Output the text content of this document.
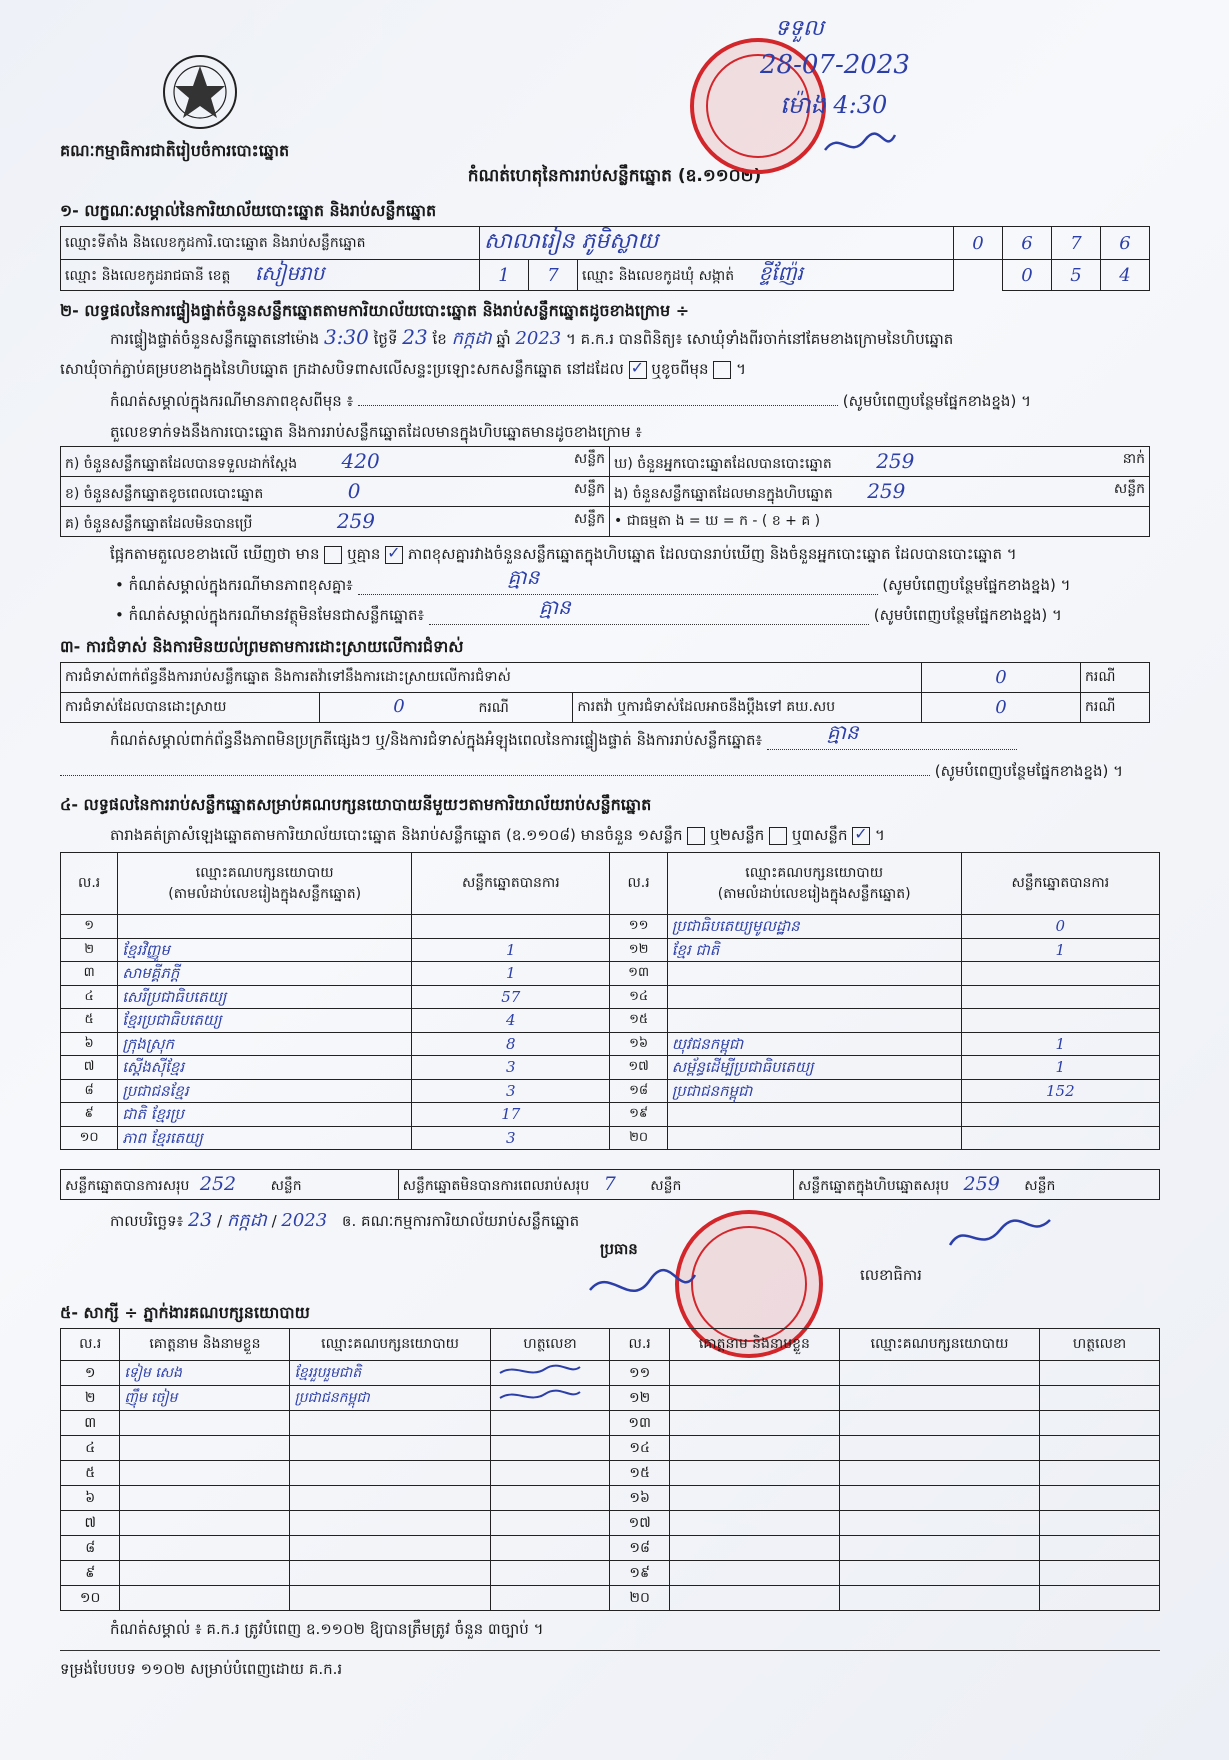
គណៈកម្មាធិការជាតិរៀបចំការបោះឆ្នោត
កំណត់ហេតុនៃការរាប់សន្លឹកឆ្នោត (ឧ.១១០២)
ទទួល
28-07-2023
ម៉ោង 4:30
១- លក្ខណៈសម្គាល់នៃការិយាល័យបោះឆ្នោត និងរាប់សន្លឹកឆ្នោត
ឈ្មោះទីតាំង និងលេខកូដការិ.បោះឆ្នោត និងរាប់សន្លឹកឆ្នោត	សាលារៀន ភូមិស្លាយ			0	6	7	6
ឈ្មោះ និងលេខកូដរាជធានី ខេត្ត សៀមរាប	1	7	ឈ្មោះ និងលេខកូដឃុំ សង្កាត់ ខ្ទីញ៉ែរ		0	5	4
២- លទ្ធផលនៃការផ្ទៀងផ្ទាត់ចំនួនសន្លឹកឆ្នោតតាមការិយាល័យបោះឆ្នោត និងរាប់សន្លឹកឆ្នោតដូចខាងក្រោម ÷
ការផ្ទៀងផ្ទាត់ចំនួនសន្លឹកឆ្នោតនៅម៉ោង 3:30 ថ្ងៃទី 23 ខែ កក្កដា ឆ្នាំ 2023 ។ គ.ក.រ បានពិនិត្យ៖ សោឃុំទាំងពីរចាក់នៅគែមខាងក្រោមនៃហិបឆ្នោត
សោឃុំចាក់ភ្ជាប់គម្របខាងក្នុងនៃហិបឆ្នោត ក្រដាសបិទពាសលើសន្ទះប្រឡោះសកសន្លឹកឆ្នោត នៅដដែល ✓ ឬខូចពីមុន  ។
កំណត់សម្គាល់ក្នុងករណីមានភាពខុសពីមុន ៖	(សូមបំពេញបន្ថែមផ្នែកខាងខ្នង) ។
តួលេខទាក់ទងនឹងការបោះឆ្នោត និងការរាប់សន្លឹកឆ្នោតដែលមានក្នុងហិបឆ្នោតមានដូចខាងក្រោម ៖
ក) ចំនួនសន្លឹកឆ្នោតដែលបានទទួលដាក់ស្តែង 420 សន្លឹក	ឃ) ចំនួនអ្នកបោះឆ្នោតដែលបានបោះឆ្នោត 259 នាក់

ខ) ចំនួនសន្លឹកឆ្នោតខូចពេលបោះឆ្នោត 0 សន្លឹក	ង) ចំនួនសន្លឹកឆ្នោតដែលមានក្នុងហិបឆ្នោត 259 សន្លឹក

គ) ចំនួនសន្លឹកឆ្នោតដែលមិនបានប្រើ 259 សន្លឹក	• ជាធម្មតា ង = ឃ = ក - ( ខ + គ )
ផ្អែកតាមតួលេខខាងលើ ឃើញថា មាន ឬគ្មាន ✓ ភាពខុសគ្នារវាងចំនួនសន្លឹកឆ្នោតក្នុងហិបឆ្នោត ដែលបានរាប់ឃើញ និងចំនួនអ្នកបោះឆ្នោត ដែលបានបោះឆ្នោត ។
• កំណត់សម្គាល់ក្នុងករណីមានភាពខុសគ្នា៖	គ្មាន	(សូមបំពេញបន្ថែមផ្នែកខាងខ្នង) ។
• កំណត់សម្គាល់ក្នុងករណីមានវត្ថុមិនមែនជាសន្លឹកឆ្នោត៖	គ្មាន	(សូមបំពេញបន្ថែមផ្នែកខាងខ្នង) ។
៣- ការជំទាស់ និងការមិនយល់ព្រមតាមការដោះស្រាយលើការជំទាស់
ការជំទាស់ពាក់ព័ន្ធនឹងការរាប់សន្លឹកឆ្នោត និងការតវ៉ាទៅនឹងការដោះស្រាយលើការជំទាស់			0	ករណី
ការជំទាស់ដែលបានដោះស្រាយ	0 ករណី	ការតវ៉ា ឬការជំទាស់ដែលអាចនឹងប្តឹងទៅ គឃ.សប	0	ករណី
កំណត់សម្គាល់ពាក់ព័ន្ធនឹងភាពមិនប្រក្រតីផ្សេងៗ ឬ/និងការជំទាស់ក្នុងអំឡុងពេលនៃការផ្ទៀងផ្ទាត់ និងការរាប់សន្លឹកឆ្នោត៖	គ្មាន

(សូមបំពេញបន្ថែមផ្នែកខាងខ្នង) ។
៤- លទ្ធផលនៃការរាប់សន្លឹកឆ្នោតសម្រាប់គណបក្សនយោបាយនីមួយៗតាមការិយាល័យរាប់សន្លឹកឆ្នោត
តារាងគត់ត្រាសំឡេងឆ្នោតតាមការិយាល័យបោះឆ្នោត និងរាប់សន្លឹកឆ្នោត (ឧ.១១០៨) មានចំនួន ១សន្លឹក ឬ២សន្លឹក ឬ៣សន្លឹក ✓ ។
ល.រ	ឈ្មោះគណបក្សនយោបាយ
(តាមលំដាប់លេខរៀងក្នុងសន្លឹកឆ្នោត)	សន្លឹកឆ្នោតបានការ	ល.រ	ឈ្មោះគណបក្សនយោបាយ
(តាមលំដាប់លេខរៀងក្នុងសន្លឹកឆ្នោត)	សន្លឹកឆ្នោតបានការ
១			១១	ប្រជាធិបតេយ្យមូលដ្ឋាន	0
២	ខ្មែរវិញ្ញូម	1	១២	ខ្មែរ ជាតិ	1
៣	សាមគ្គីភក្ដី	1	១៣		
៤	សេរីប្រជាធិបតេយ្យ	57	១៤		
៥	ខ្មែរប្រជាធិបតេយ្យ	4	១៥		
៦	ក្រុងស្រុក	8	១៦	យុវជនកម្ពុជា	1
៧	ស្ដើងស៊ីខ្មែរ	3	១៧	សម្ព័ន្ធដើម្បីប្រជាធិបតេយ្យ	1
៨	ប្រជាជនខ្មែរ	3	១៨	ប្រជាជនកម្ពុជា	152
៩	ជាតិ ខ្មែរប្រ	17	១៩		
១០	ភាព ខ្មែរតេយ្យ	3	២០		
សន្លឹកឆ្នោតបានការសរុប 252 សន្លឹក	សន្លឹកឆ្នោតមិនបានការពេលរាប់សរុប 7 សន្លឹក	សន្លឹកឆ្នោតក្នុងហិបឆ្នោតសរុប 259 សន្លឹក
កាលបរិច្ឆេទ៖ 23 / កក្កដា / 2023 ឲ. គណៈកម្មការការិយាល័យរាប់សន្លឹកឆ្នោត
ប្រធាន
លេខាធិការ
៥- សាក្សី ÷ ភ្នាក់ងារគណបក្សនយោបាយ
ល.រ	គោត្តនាម និងនាមខ្លួន	ឈ្មោះគណបក្សនយោបាយ	ហត្ថលេខា	ល.រ	គោត្តនាម និងនាមខ្លួន	ឈ្មោះគណបក្សនយោបាយ	ហត្ថលេខា
១	ទៀម សេង	ខ្មែររួបរួមជាតិ		១១			
២	ញ៉ឹម ចៀម	ប្រជាជនកម្ពុជា		១២			
៣				១៣			
៤				១៤			
៥				១៥			
៦				១៦			
៧				១៧			
៨				១៨			
៩				១៩			
១០				២០			
កំណត់សម្គាល់ ៖ គ.ក.រ ត្រូវបំពេញ ឧ.១១០២ ឱ្យបានត្រឹមត្រូវ ចំនួន ៣ច្បាប់ ។
ទម្រង់បែបបទ ១១០២ សម្រាប់បំពេញដោយ គ.ក.រ
